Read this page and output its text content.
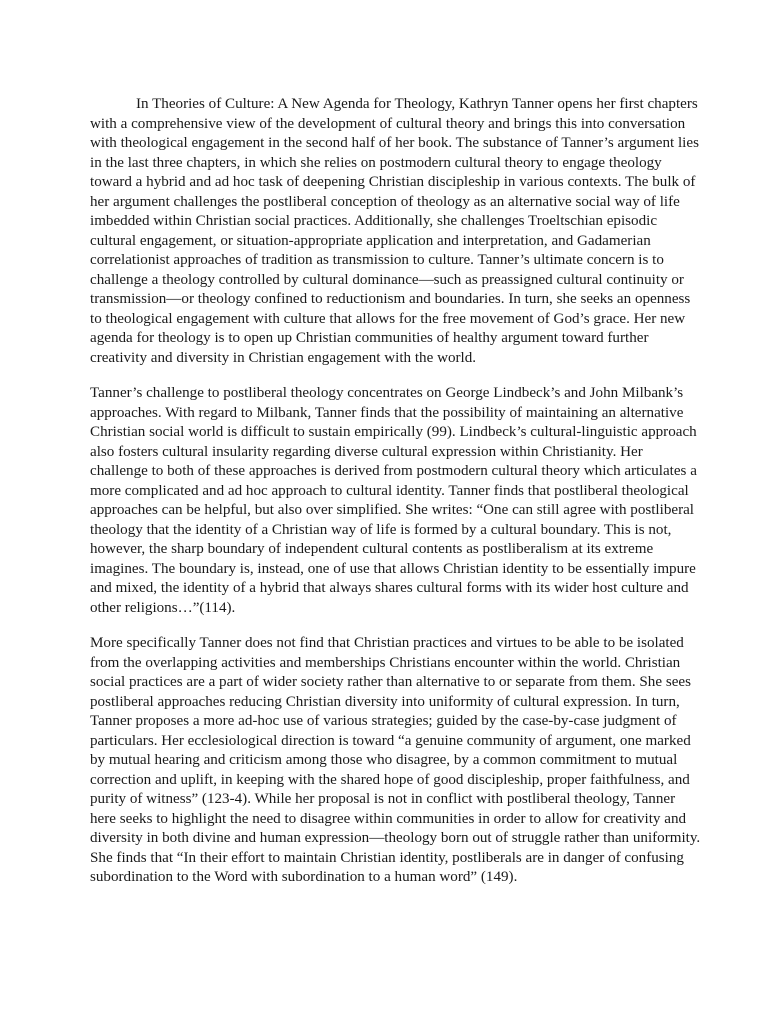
In Theories of Culture: A New Agenda for Theology, Kathryn Tanner opens her first chapters with a comprehensive view of the development of cultural theory and brings this into conversation with theological engagement in the second half of her book. The substance of Tanner’s argument lies in the last three chapters, in which she relies on postmodern cultural theory to engage theology toward a hybrid and ad hoc task of deepening Christian discipleship in various contexts. The bulk of her argument challenges the postliberal conception of theology as an alternative social way of life imbedded within Christian social practices. Additionally, she challenges Troeltschian episodic cultural engagement, or situation-appropriate application and interpretation, and Gadamerian correlationist approaches of tradition as transmission to culture. Tanner’s ultimate concern is to challenge a theology controlled by cultural dominance—such as preassigned cultural continuity or transmission—or theology confined to reductionism and boundaries. In turn, she seeks an openness to theological engagement with culture that allows for the free movement of God’s grace. Her new agenda for theology is to open up Christian communities of healthy argument toward further creativity and diversity in Christian engagement with the world.

Tanner’s challenge to postliberal theology concentrates on George Lindbeck’s and John Milbank’s approaches. With regard to Milbank, Tanner finds that the possibility of maintaining an alternative Christian social world is difficult to sustain empirically (99). Lindbeck’s cultural-linguistic approach also fosters cultural insularity regarding diverse cultural expression within Christianity. Her challenge to both of these approaches is derived from postmodern cultural theory which articulates a more complicated and ad hoc approach to cultural identity. Tanner finds that postliberal theological approaches can be helpful, but also over simplified. She writes: “One can still agree with postliberal theology that the identity of a Christian way of life is formed by a cultural boundary. This is not, however, the sharp boundary of independent cultural contents as postliberalism at its extreme imagines. The boundary is, instead, one of use that allows Christian identity to be essentially impure and mixed, the identity of a hybrid that always shares cultural forms with its wider host culture and other religions…”(114).

More specifically Tanner does not find that Christian practices and virtues to be able to be isolated from the overlapping activities and memberships Christians encounter within the world. Christian social practices are a part of wider society rather than alternative to or separate from them. She sees postliberal approaches reducing Christian diversity into uniformity of cultural expression. In turn, Tanner proposes a more ad-hoc use of various strategies; guided by the case-by-case judgment of particulars. Her ecclesiological direction is toward “a genuine community of argument, one marked by mutual hearing and criticism among those who disagree, by a common commitment to mutual correction and uplift, in keeping with the shared hope of good discipleship, proper faithfulness, and purity of witness” (123-4). While her proposal is not in conflict with postliberal theology, Tanner here seeks to highlight the need to disagree within communities in order to allow for creativity and diversity in both divine and human expression—theology born out of struggle rather than uniformity. She finds that “In their effort to maintain Christian identity, postliberals are in danger of confusing subordination to the Word with subordination to a human word” (149).
